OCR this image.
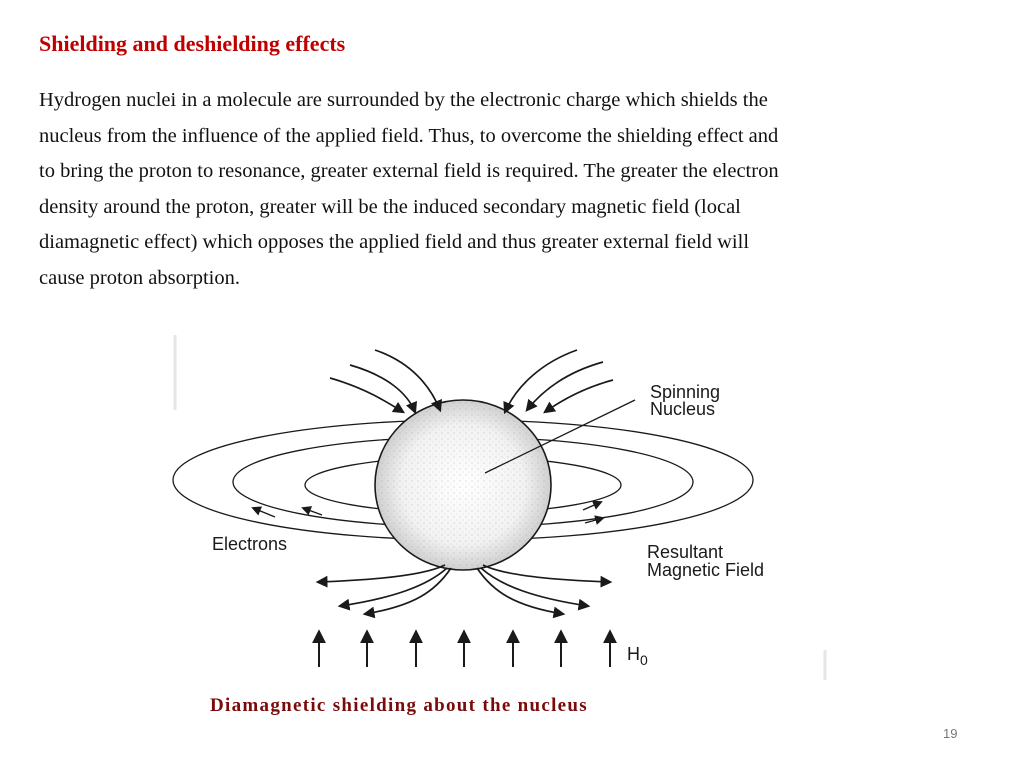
Shielding and deshielding effects
Hydrogen nuclei in a molecule are surrounded by the electronic charge which shields the
nucleus from the influence of the applied field. Thus, to overcome the shielding effect and
to bring the proton to resonance, greater external field is required. The greater the electron
density around the proton, greater will be the induced secondary magnetic field (local
diamagnetic effect) which opposes the applied field and thus greater external field will
cause proton absorption.
Spinning
Nucleus
Electrons	Resultant
Magnetic Field
$H_0$
Diamagnetic shielding about the nucleus
19
